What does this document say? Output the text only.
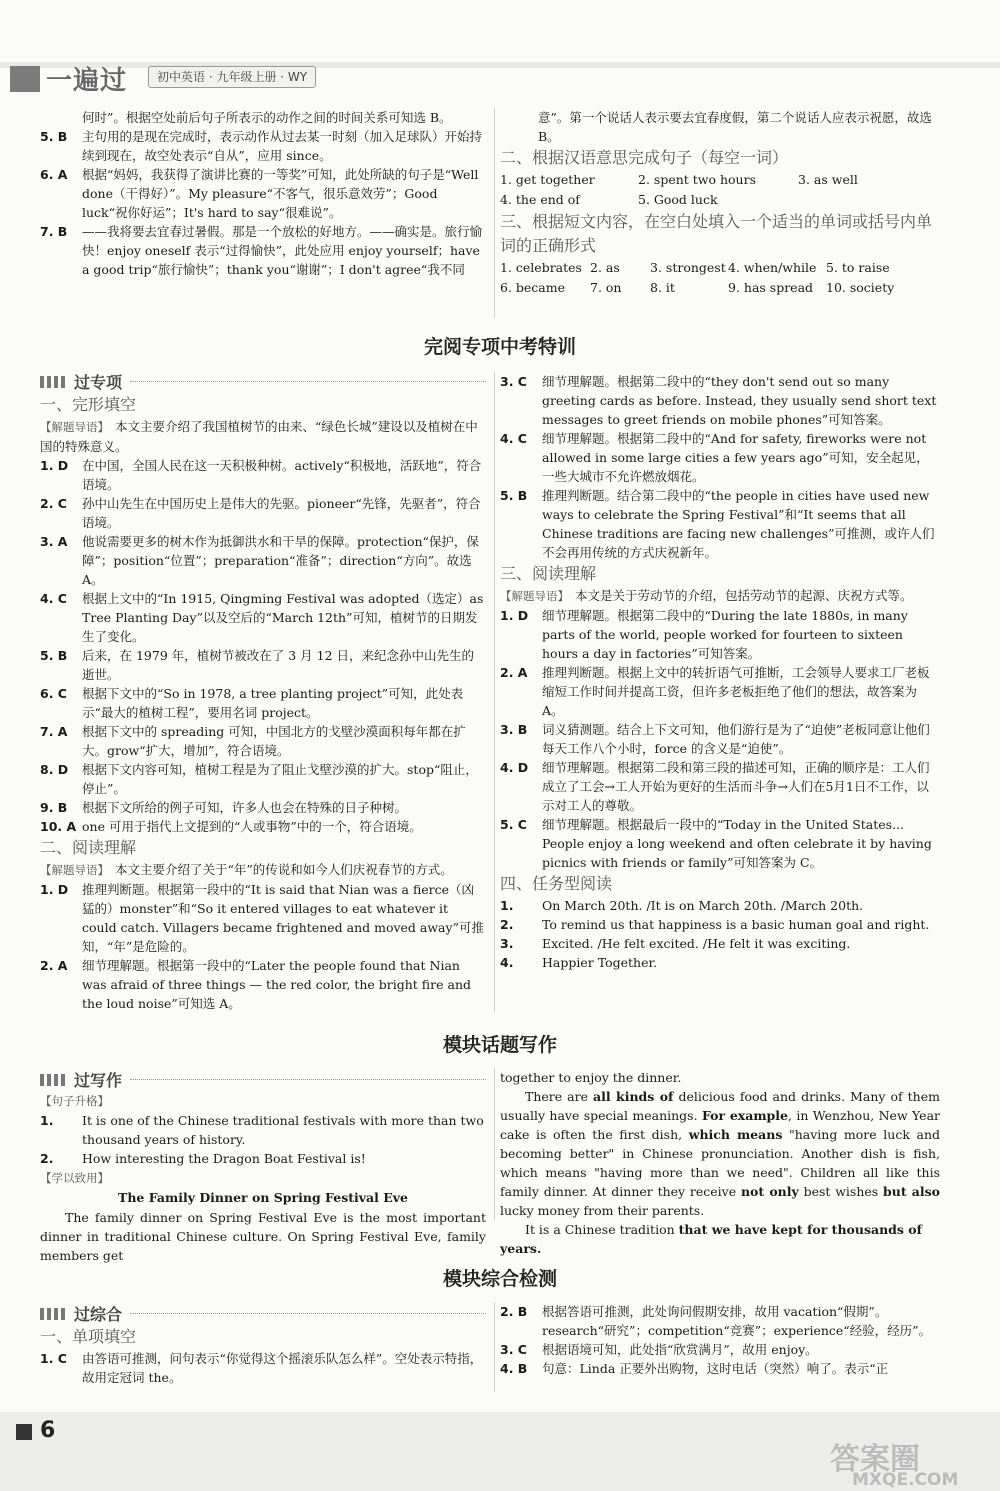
一遍过	初中英语 · 九年级上册 · WY
何时”。根据空处前后句子所表示的动作之间的时间关系可知选 B。
5. B 主句用的是现在完成时，表示动作从过去某一时刻（加入足球队）开始持续到现在，故空处表示“自从”，应用 since。
6. A 根据“妈妈，我获得了演讲比赛的一等奖”可知，此处所缺的句子是“Well done（干得好）”。My pleasure“不客气，很乐意效劳”；Good luck“祝你好运”；It's hard to say“很难说”。
7. B ——我将要去宜春过暑假。那是一个放松的好地方。——确实是。旅行愉快！enjoy oneself 表示“过得愉快”，此处应用 enjoy yourself；have a good trip“旅行愉快”；thank you“谢谢”；I don't agree“我不同

意”。第一个说话人表示要去宜春度假，第二个说话人应表示祝愿，故选 B。

二、根据汉语意思完成句子（每空一词）
1. get together	2. spent two hours	3. as well
4. the end of	5. Good luck
三、根据短文内容，在空白处填入一个适当的单词或括号内单词的正确形式
1. celebrates 2. as	3. strongest 4. when/while 5. to raise
6. became	7. on	8. it	9. has spread	10. society
完阅专项中考特训
过专项
一、完形填空
【解题导语】 本文主要介绍了我国植树节的由来、“绿色长城”建设以及植树在中国的特殊意义。
1. D 在中国，全国人民在这一天积极种树。actively“积极地，活跃地”，符合语境。
2. C 孙中山先生在中国历史上是伟大的先驱。pioneer“先锋，先驱者”，符合语境。
3. A 他说需要更多的树木作为抵御洪水和干旱的保障。protection“保护，保障”；position“位置”；preparation“准备”；direction“方向”。故选 A。
4. C 根据上文中的“In 1915, Qingming Festival was adopted（选定）as Tree Planting Day”以及空后的“March 12th”可知，植树节的日期发生了变化。
5. B 后来，在 1979 年，植树节被改在了 3 月 12 日，来纪念孙中山先生的逝世。
6. C 根据下文中的“So in 1978, a tree planting project”可知，此处表示“最大的植树工程”，要用名词 project。
7. A 根据下文中的 spreading 可知，中国北方的戈壁沙漠面积每年都在扩大。grow“扩大，增加”，符合语境。
8. D 根据下文内容可知，植树工程是为了阻止戈壁沙漠的扩大。stop“阻止，停止”。
9. B 根据下文所给的例子可知，许多人也会在特殊的日子种树。
10. A one 可用于指代上文提到的“人或事物”中的一个，符合语境。
二、阅读理解
【解题导语】 本文主要介绍了关于“年”的传说和如今人们庆祝春节的方式。
1. D 推理判断题。根据第一段中的“It is said that Nian was a fierce（凶猛的）monster”和“So it entered villages to eat whatever it could catch. Villagers became frightened and moved away”可推知，“年”是危险的。
2. A 细节理解题。根据第一段中的“Later the people found that Nian was afraid of three things — the red color, the bright fire and the loud noise”可知选 A。
3. C 细节理解题。根据第二段中的“they don't send out so many greeting cards as before. Instead, they usually send short text messages to greet friends on mobile phones”可知答案。
4. C 细节理解题。根据第二段中的“And for safety, fireworks were not allowed in some large cities a few years ago”可知，安全起见，一些大城市不允许燃放烟花。
5. B 推理判断题。结合第二段中的“the people in cities have used new ways to celebrate the Spring Festival”和“It seems that all Chinese traditions are facing new challenges”可推测，或许人们不会再用传统的方式庆祝新年。
三、阅读理解
【解题导语】 本文是关于劳动节的介绍，包括劳动节的起源、庆祝方式等。
1. D 细节理解题。根据第二段中的“During the late 1880s, in many parts of the world, people worked for fourteen to sixteen hours a day in factories”可知答案。
2. A 推理判断题。根据上文中的转折语气可推断，工会领导人要求工厂老板缩短工作时间并提高工资，但许多老板拒绝了他们的想法，故答案为 A。
3. B 词义猜测题。结合上下文可知，他们游行是为了“迫使”老板同意让他们每天工作八个小时，force 的含义是“迫使”。
4. D 细节理解题。根据第二段和第三段的描述可知，正确的顺序是：工人们成立了工会→工人开始为更好的生活而斗争→人们在5月1日不工作，以示对工人的尊敬。
5. C 细节理解题。根据最后一段中的“Today in the United States... People enjoy a long weekend and often celebrate it by having picnics with friends or family”可知答案为 C。
四、任务型阅读
1. On March 20th. /It is on March 20th. /March 20th.
2. To remind us that happiness is a basic human goal and right.
3. Excited. /He felt excited. /He felt it was exciting.
4. Happier Together.
模块话题写作
过写作
【句子升格】
1. It is one of the Chinese traditional festivals with more than two thousand years of history.
2. How interesting the Dragon Boat Festival is!
【学以致用】
The Family Dinner on Spring Festival Eve

The family dinner on Spring Festival Eve is the most important dinner in traditional Chinese culture. On Spring Festival Eve, family members get

together to enjoy the dinner.

There are all kinds of delicious food and drinks. Many of them usually have special meanings. For example, in Wenzhou, New Year cake is often the first dish, which means "having more luck and becoming better" in Chinese pronunciation. Another dish is fish, which means "having more than we need". Children all like this family dinner. At dinner they receive not only best wishes but also lucky money from their parents.

It is a Chinese tradition that we have kept for thousands of years.

模块综合检测
过综合
一、单项填空
1. C 由答语可推测，问句表示“你觉得这个摇滚乐队怎么样”。空处表示特指，故用定冠词 the。
2. B 根据答语可推测，此处询问假期安排，故用 vacation“假期”。research“研究”；competition“竞赛”；experience“经验，经历”。
3. C 根据语境可知，此处指“欣赏满月”，故用 enjoy。
4. B 句意：Linda 正要外出购物，这时电话（突然）响了。表示“正
6
答案圈
MXQE.COM
